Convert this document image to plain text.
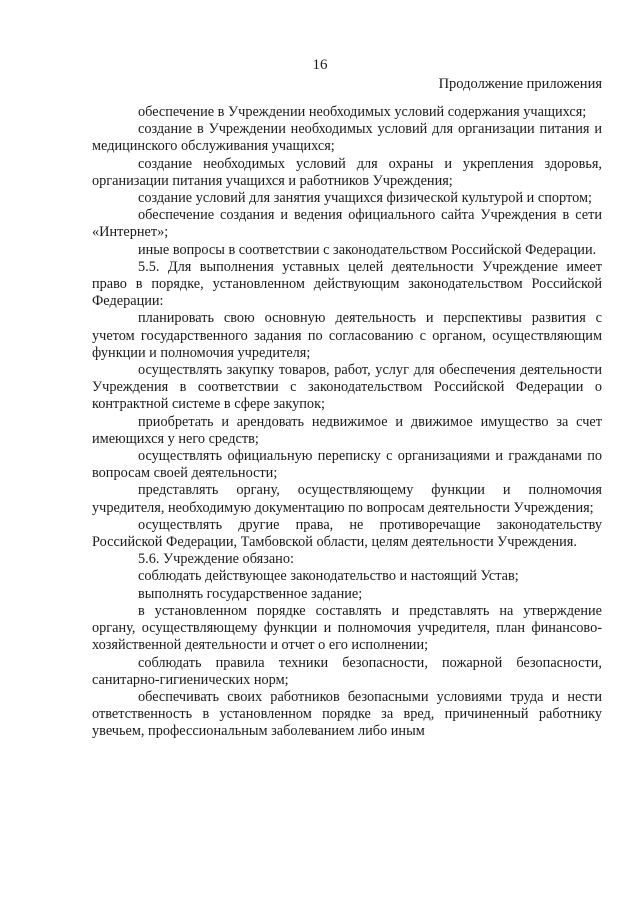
16
Продолжение приложения

обеспечение в Учреждении необходимых условий содержания учащихся;

создание в Учреждении необходимых условий для организации питания и медицинского обслуживания учащихся;

создание необходимых условий для охраны и укрепления здоровья, организации питания учащихся и работников Учреждения;

создание условий для занятия учащихся физической культурой и спортом;

обеспечение создания и ведения официального сайта Учреждения в сети «Интернет»;

иные вопросы в соответствии с законодательством Российской Федерации.

5.5. Для выполнения уставных целей деятельности Учреждение имеет право в порядке, установленном действующим законодательством Российской Федерации:

планировать свою основную деятельность и перспективы развития с учетом государственного задания по согласованию с органом, осуществляющим функции и полномочия учредителя;

осуществлять закупку товаров, работ, услуг для обеспечения деятельности Учреждения в соответствии с законодательством Российской Федерации о контрактной системе в сфере закупок;

приобретать и арендовать недвижимое и движимое имущество за счет имеющихся у него средств;

осуществлять официальную переписку с организациями и гражданами по вопросам своей деятельности;

представлять органу, осуществляющему функции и полномочия учредителя, необходимую документацию по вопросам деятельности Учреждения;

осуществлять другие права, не противоречащие законодательству Российской Федерации, Тамбовской области, целям деятельности Учреждения.

5.6. Учреждение обязано:

соблюдать действующее законодательство и настоящий Устав;

выполнять государственное задание;

в установленном порядке составлять и представлять на утверждение органу, осуществляющему функции и полномочия учредителя, план финансово-хозяйственной деятельности и отчет о его исполнении;

соблюдать правила техники безопасности, пожарной безопасности, санитарно-гигиенических норм;

обеспечивать своих работников безопасными условиями труда и нести ответственность в установленном порядке за вред, причиненный работнику увечьем, профессиональным заболеванием либо иным
